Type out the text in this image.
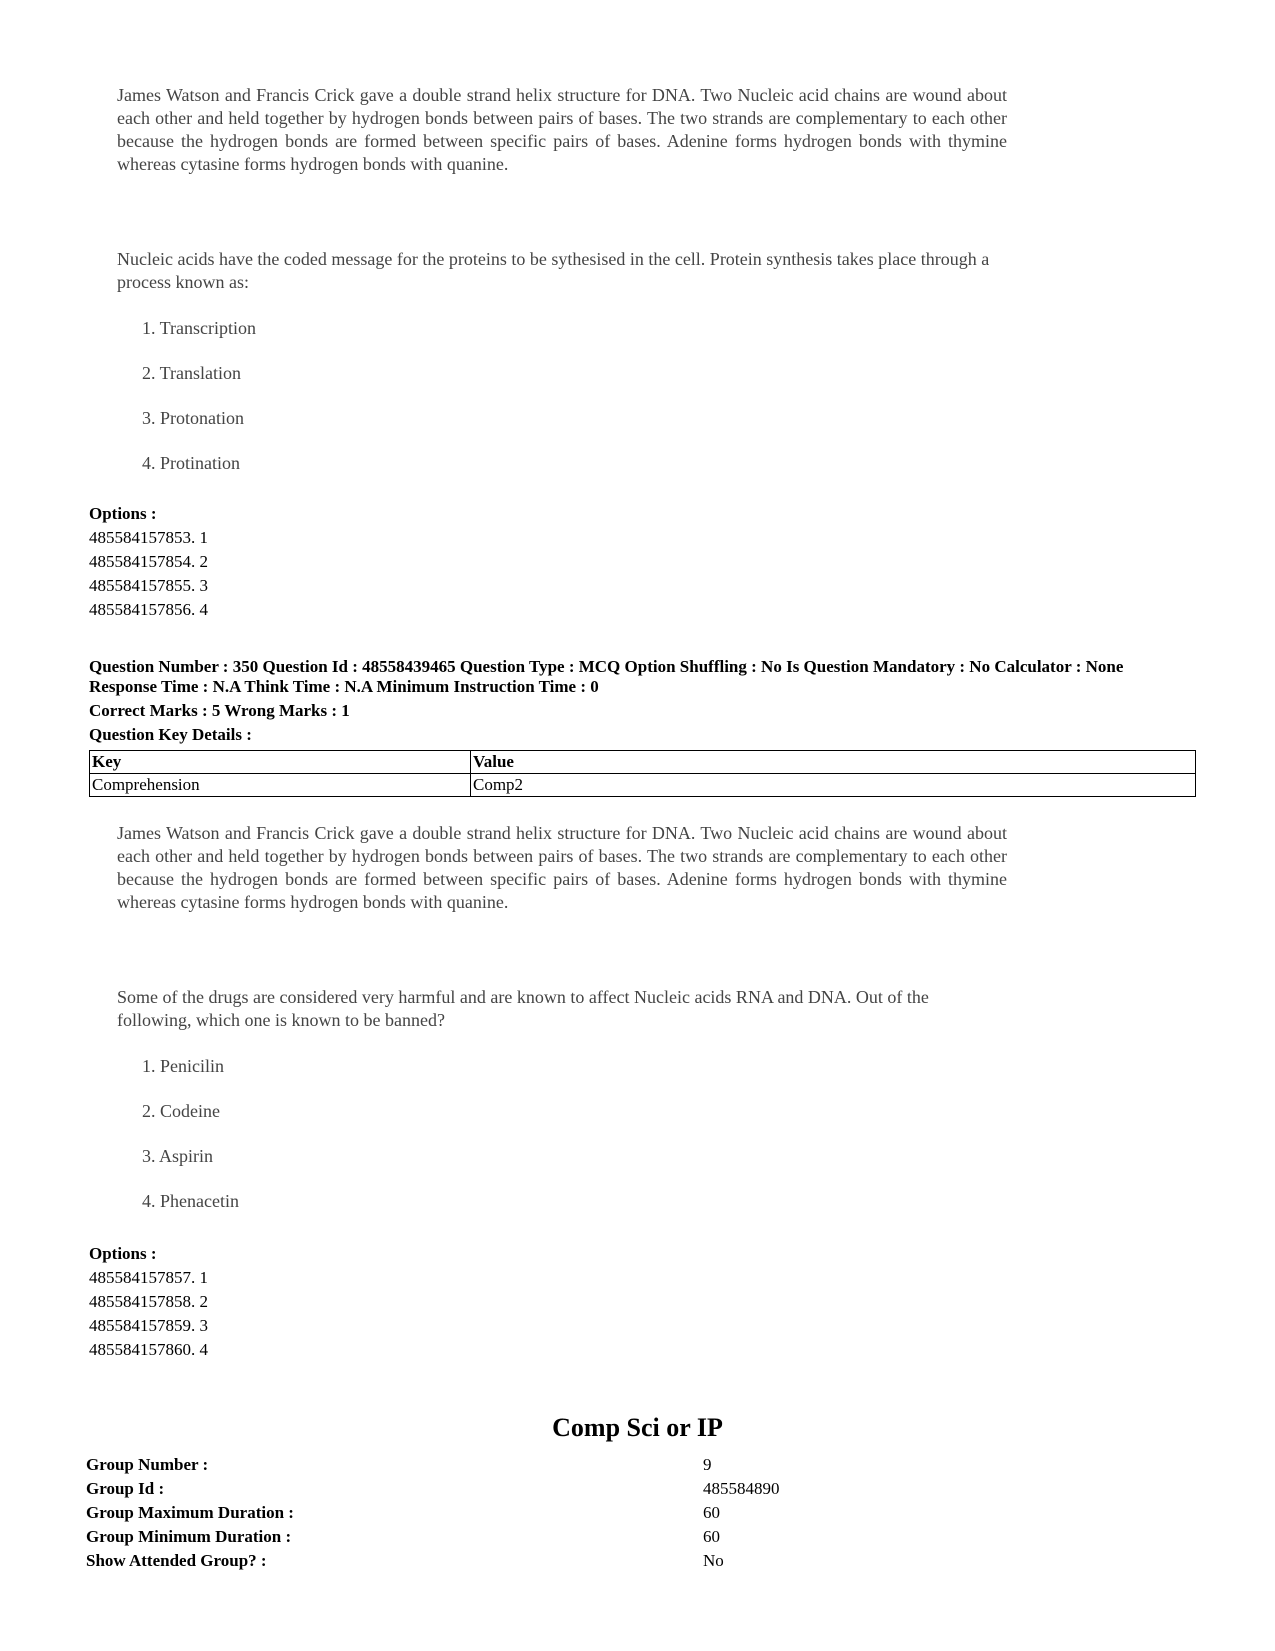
James Watson and Francis Crick gave a double strand helix structure for DNA. Two Nucleic acid chains are wound about each other and held together by hydrogen bonds between pairs of bases. The two strands are complementary to each other because the hydrogen bonds are formed between specific pairs of bases. Adenine forms hydrogen bonds with thymine whereas cytasine forms hydrogen bonds with quanine.
Nucleic acids have the coded message for the proteins to be sythesised in the cell. Protein synthesis takes place through a process known as:
1. Transcription
2. Translation
3. Protonation
4. Protination
Options :
485584157853. 1
485584157854. 2
485584157855. 3
485584157856. 4
Question Number : 350 Question Id : 48558439465 Question Type : MCQ Option Shuffling : No Is Question Mandatory : No Calculator : None
Response Time : N.A Think Time : N.A Minimum Instruction Time : 0
Correct Marks : 5 Wrong Marks : 1
Question Key Details :
Key	Value
Comprehension	Comp2
James Watson and Francis Crick gave a double strand helix structure for DNA. Two Nucleic acid chains are wound about each other and held together by hydrogen bonds between pairs of bases. The two strands are complementary to each other because the hydrogen bonds are formed between specific pairs of bases. Adenine forms hydrogen bonds with thymine whereas cytasine forms hydrogen bonds with quanine.
Some of the drugs are considered very harmful and are known to affect Nucleic acids RNA and DNA. Out of the following, which one is known to be banned?
1. Penicilin
2. Codeine
3. Aspirin
4. Phenacetin
Options :
485584157857. 1
485584157858. 2
485584157859. 3
485584157860. 4
Comp Sci or IP
Group Number :	9
Group Id :	485584890
Group Maximum Duration :	60
Group Minimum Duration :	60
Show Attended Group? :	No
